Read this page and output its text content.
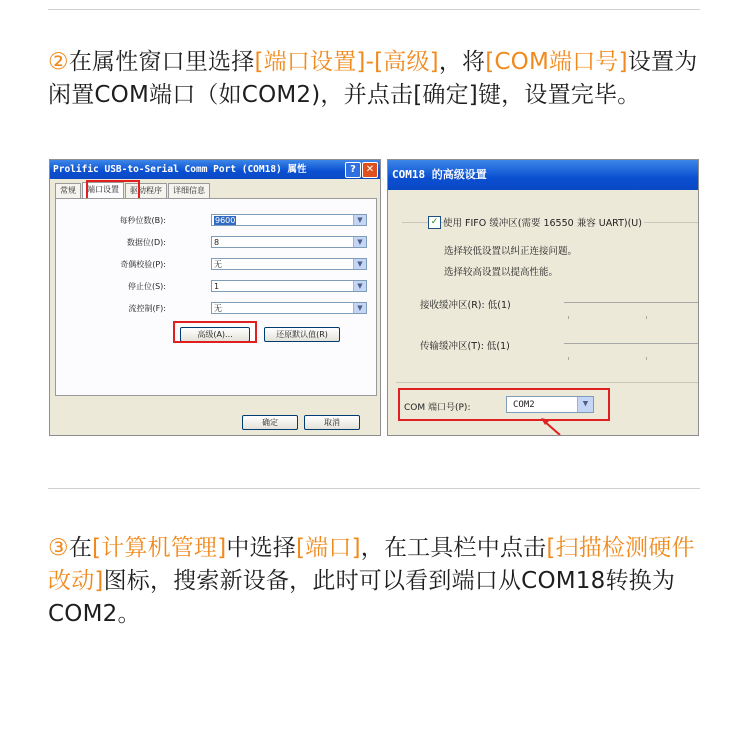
②在属性窗口里选择[端口设置]-[高级]，将[COM端口号]设置为闲置COM端口（如COM2)，并点击[确定]键，设置完毕。
Prolific USB-to-Serial Comm Port (COM18) 属性	? ✕
常规	端口设置	驱动程序	详细信息
每秒位数(B):	9600	▼
数据位(D):	8	▼
奇偶校验(P):	无	▼
停止位(S):	1	▼
流控制(F):	无	▼
高级(A)...	还原默认值(R)
确定	取消
COM18 的高级设置
✓ 使用 FIFO 缓冲区(需要 16550 兼容 UART)(U)
选择较低设置以纠正连接问题。
选择较高设置以提高性能。
接收缓冲区(R): 低(1)
传输缓冲区(T): 低(1)
COM 端口号(P):	COM2	▼
③在[计算机管理]中选择[端口]，在工具栏中点击[扫描检测硬件改动]图标，搜索新设备，此时可以看到端口从COM18转换为COM2。
